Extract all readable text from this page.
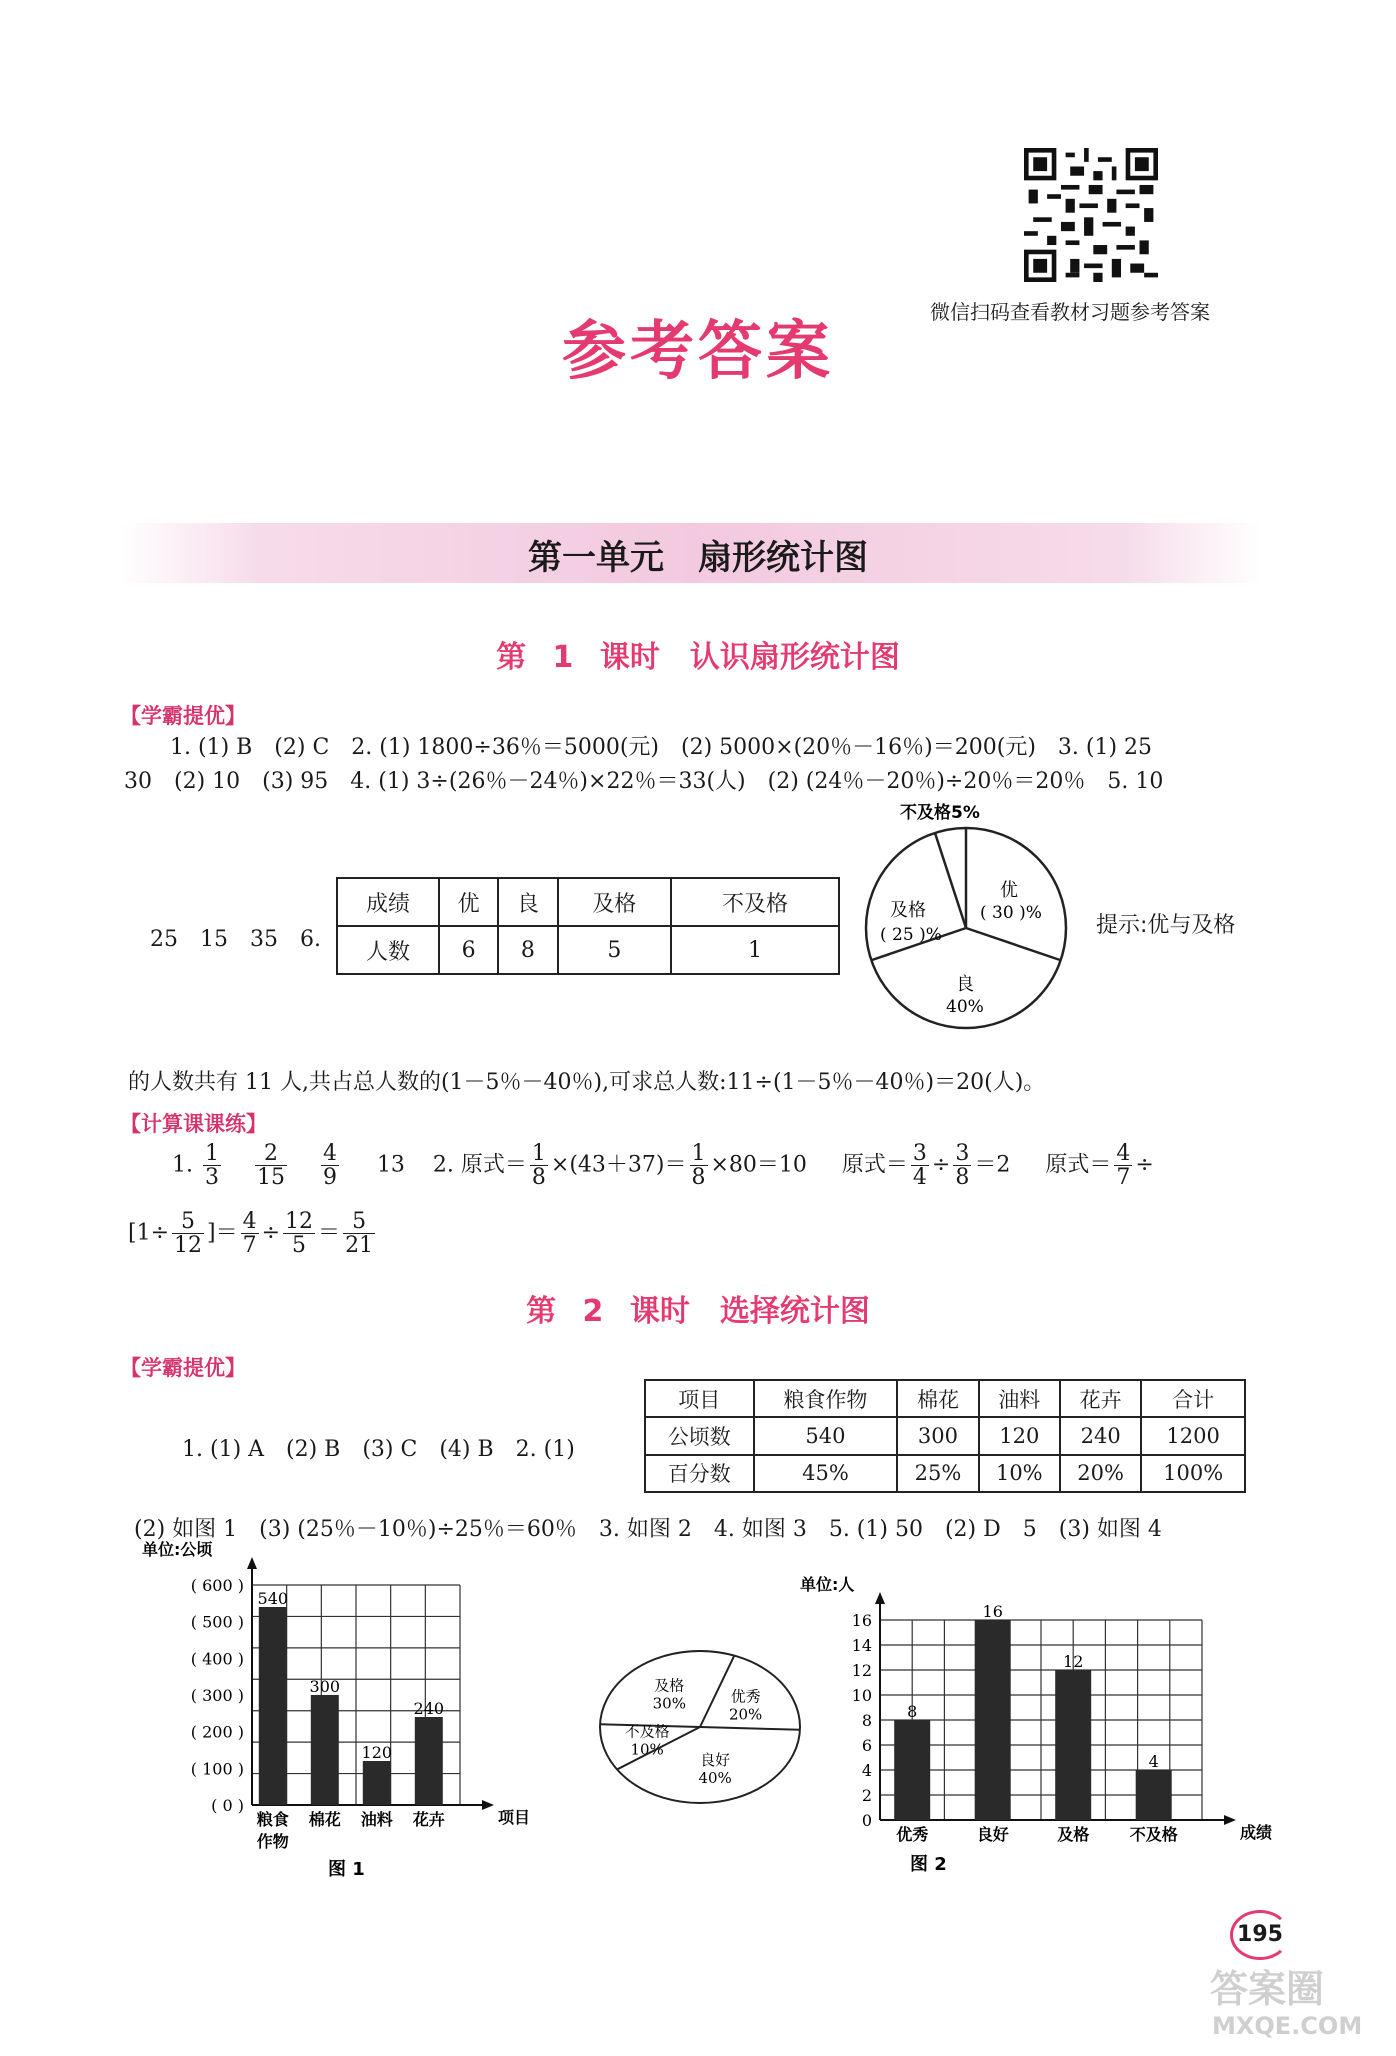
微信扫码查看教材习题参考答案
参考答案
第一单元　扇形统计图
第 1 课时　认识扇形统计图
【学霸提优】
1. (1) B　(2) C　2. (1) 1800÷36％＝5000(元)　(2) 5000×(20％－16％)＝200(元)　3. (1) 25
30　(2) 10　(3) 95　4. (1) 3÷(26％－24％)×22％＝33(人)　(2) (24％－20％)÷20％＝20％　5. 10
25　15　35　6.
成绩	优	良	及格	不及格
人数	6	8	5	1
不及格5%
优
( 30 )%
及格
( 25 )%
良
40%
提示:优与及格
的人数共有 11 人,共占总人数的(1－5％－40％),可求总人数:11÷(1－5％－40％)＝20(人)。
【计算课课练】
1. $\frac{1}{3}$
$\frac{2}{15}$
$\frac{4}{9} 13$ 2. 原式＝ $\frac{1}{8} \times(43+37)= \frac{1}{8} \times 80=10$ 原式＝ $\frac{3}{4} \div \frac{3}{8} =2$ 原式＝ $\frac{4}{7}$ ÷
[$1\div \frac{5}{12}$ ]＝ $\frac{4}{7} \div \frac{12}{5} = \frac{5}{21}$
第 2 课时　选择统计图
【学霸提优】
1. (1) A　(2) B　(3) C　(4) B　2. (1)
项目	粮食作物	棉花	油料	花卉	合计
公顷数	540	300	120	240	1200
百分数	45%	25%	10%	20%	100%
(2) 如图 1　(3) (25％－10％)÷25％＝60％　3. 如图 2　4. 如图 3　5. (1) 50　(2) D　5　(3) 如图 4
( 0 )
( 100 )
( 200 )
( 300 )
( 400 )
( 500 )
( 600 )
单位:公顷
项目
540
300
120
240
粮食
作物
棉花 油料 花卉
图 1
优秀
20%
良好
40%
不及格
10%
及格
30%
0
2
4
6
8
10
12
14
16
单位:人
成绩
8
16
12
4
优秀	良好	及格	不及格
图 2
195
答案圈
MXQE.COM
